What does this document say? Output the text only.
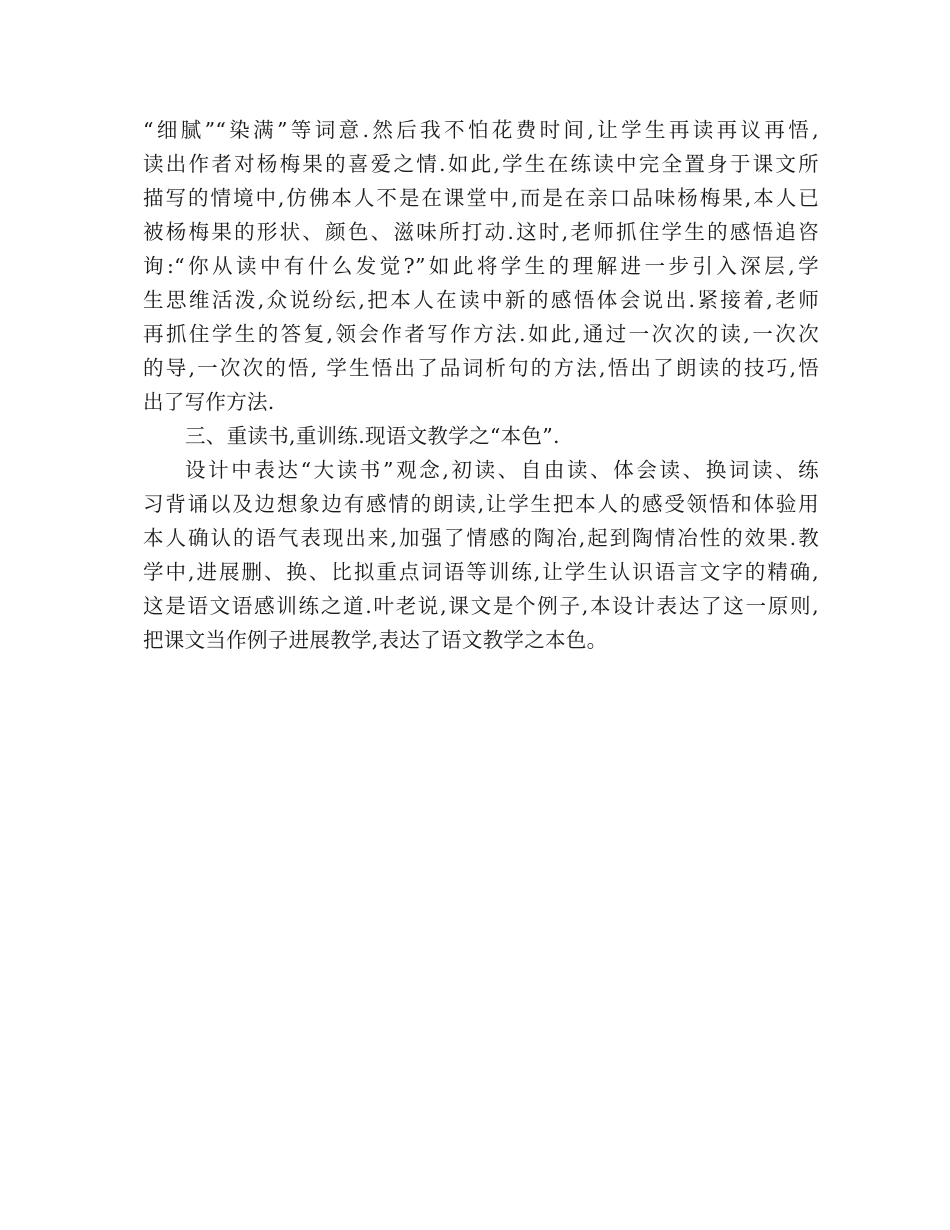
“细腻”“染满”等词意.然后我不怕花费时间,让学生再读再议再悟,
读出作者对杨梅果的喜爱之情.如此,学生在练读中完全置身于课文所
描写的情境中,仿佛本人不是在课堂中,而是在亲口品味杨梅果,本人已
被杨梅果的形状、颜色、滋味所打动.这时,老师抓住学生的感悟追咨
询:“你从读中有什么发觉?”如此将学生的理解进一步引入深层,学
生思维活泼,众说纷纭,把本人在读中新的感悟体会说出.紧接着,老师
再抓住学生的答复,领会作者写作方法.如此,通过一次次的读,一次次
的导,一次次的悟, 学生悟出了品词析句的方法,悟出了朗读的技巧,悟
出了写作方法.
三、重读书,重训练.现语文教学之“本色”.
设计中表达“大读书”观念,初读、自由读、体会读、换词读、练
习背诵以及边想象边有感情的朗读,让学生把本人的感受领悟和体验用
本人确认的语气表现出来,加强了情感的陶冶,起到陶情冶性的效果.教
学中,进展删、换、比拟重点词语等训练,让学生认识语言文字的精确,
这是语文语感训练之道.叶老说,课文是个例子,本设计表达了这一原则,
把课文当作例子进展教学,表达了语文教学之本色。
